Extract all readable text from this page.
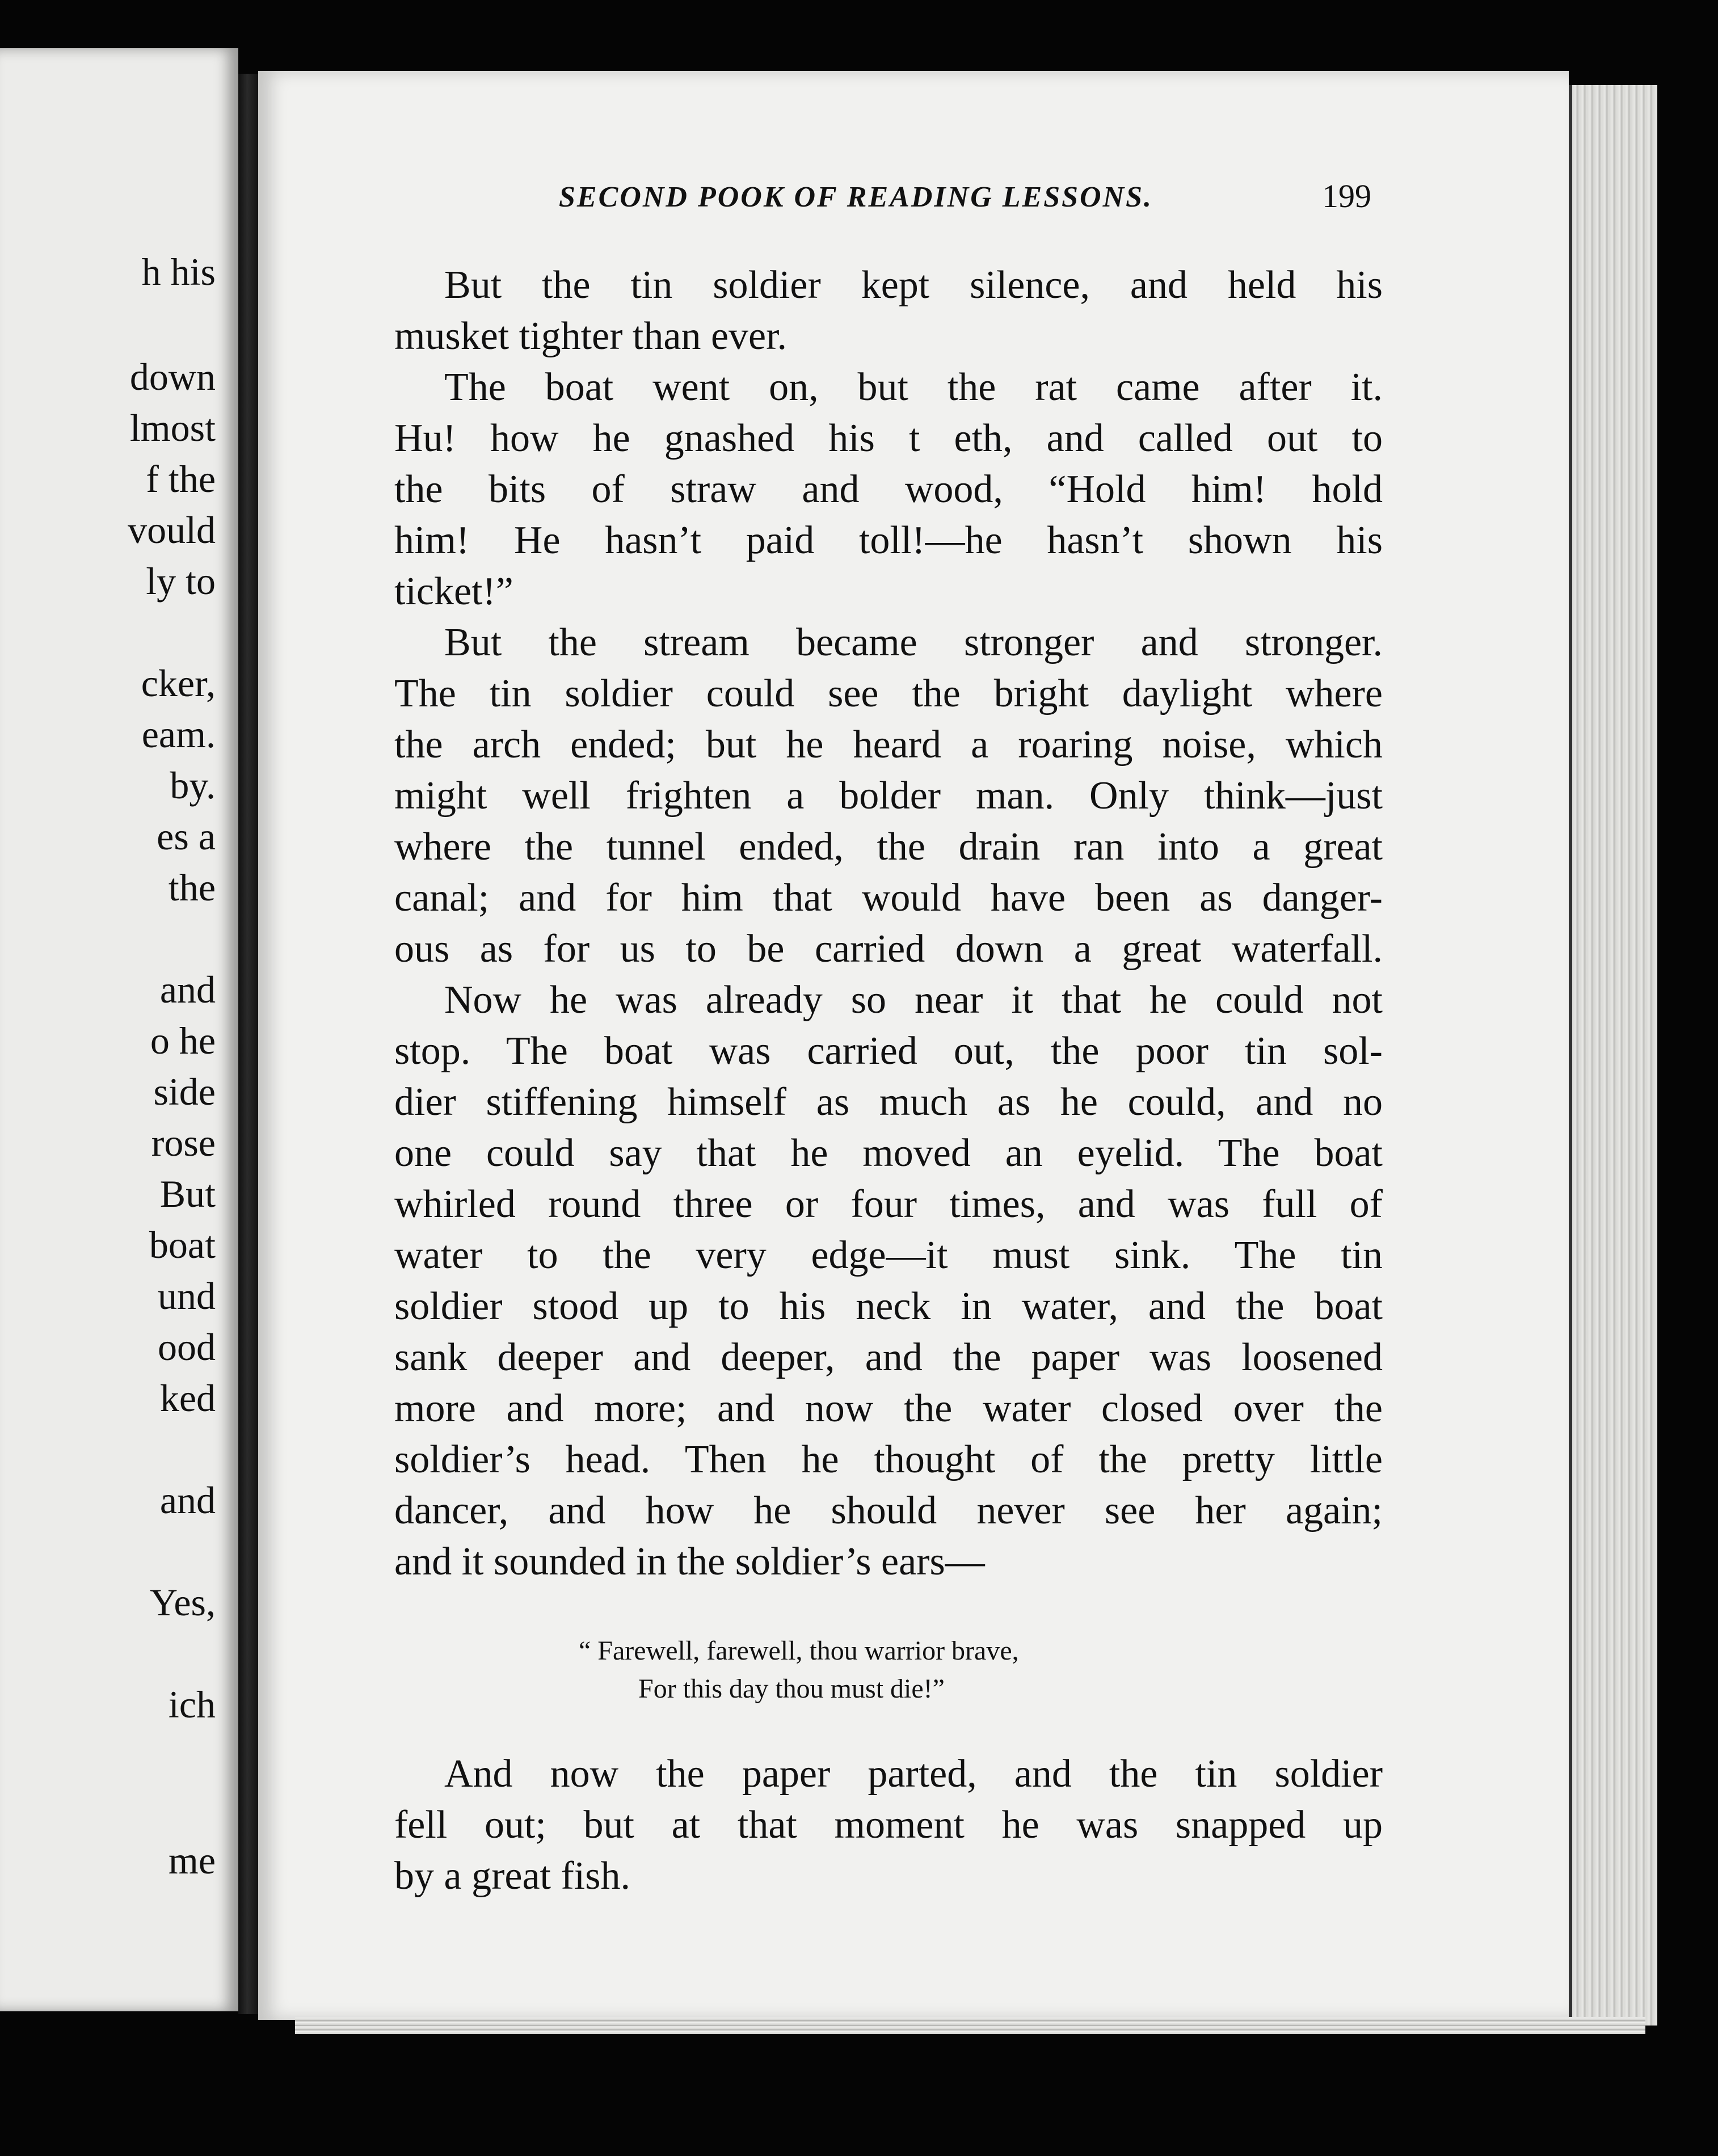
h his
down
lmost
f the
vould
ly to
cker,
eam.
by.
es a
the
and
o he
side
rose
But
boat
und
ood
ked
and
Yes,
ich
me
SECOND POOK OF READING LESSONS.	199
But the tin soldier kept silence, and held his
musket tighter than ever.
The boat went on, but the rat came after it.
Hu! how he gnashed his t eth, and called out to
the bits of straw and wood, “Hold him! hold
him! He hasn’t paid toll!—he hasn’t shown his
ticket!”
But the stream became stronger and stronger.
The tin soldier could see the bright daylight where
the arch ended; but he heard a roaring noise, which
might well frighten a bolder man. Only think—just
where the tunnel ended, the drain ran into a great
canal; and for him that would have been as danger-
ous as for us to be carried down a great waterfall.
Now he was already so near it that he could not
stop. The boat was carried out, the poor tin sol-
dier stiffening himself as much as he could, and no
one could say that he moved an eyelid. The boat
whirled round three or four times, and was full of
water to the very edge—it must sink. The tin
soldier stood up to his neck in water, and the boat
sank deeper and deeper, and the paper was loosened
more and more; and now the water closed over the
soldier’s head. Then he thought of the pretty little
dancer, and how he should never see her again;
and it sounded in the soldier’s ears—
“ Farewell, farewell, thou warrior brave,
For this day thou must die!”
And now the paper parted, and the tin soldier
fell out; but at that moment he was snapped up
by a great fish.
